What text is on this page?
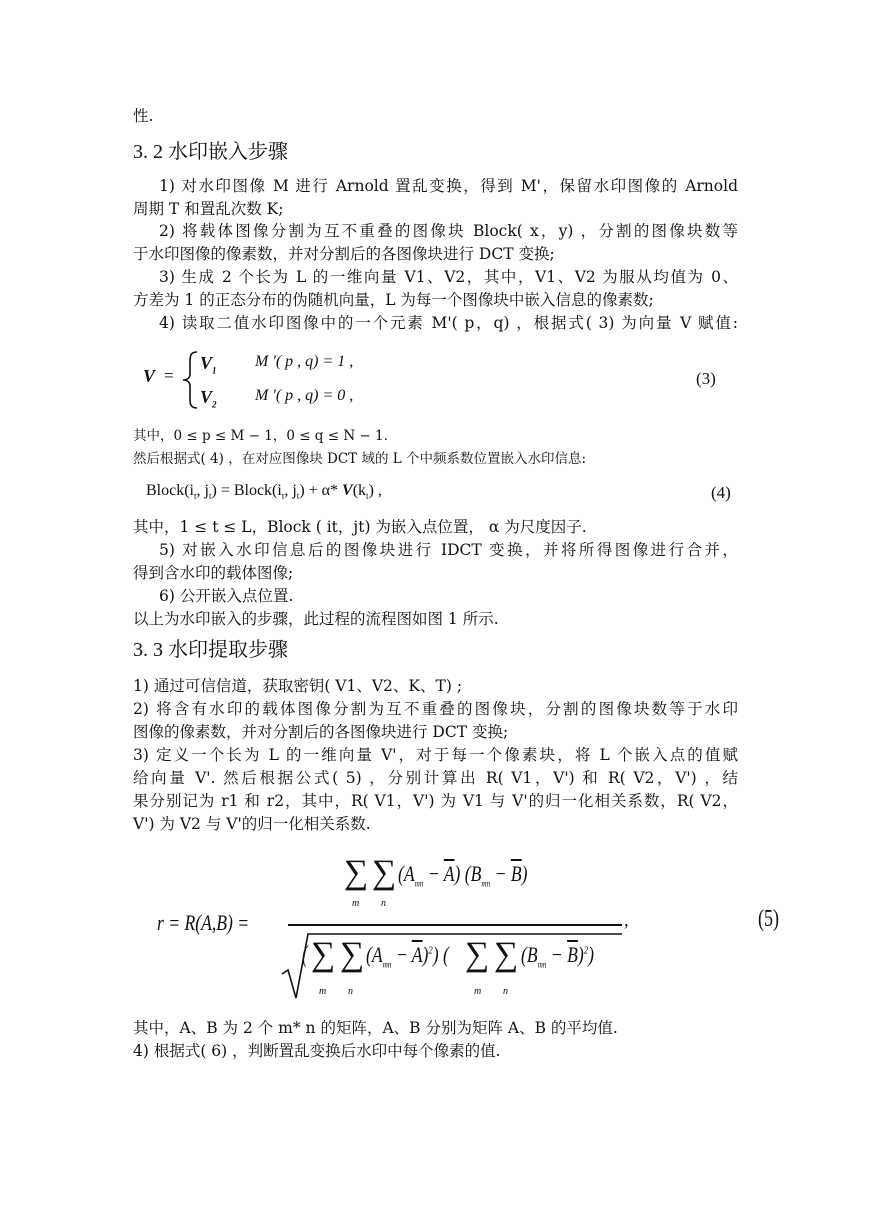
性.
3. 2 水印嵌入步骤
1) 对水印图像 M 进行 Arnold 置乱变换，得到 M'，保留水印图像的 Arnold
周期 T 和置乱次数 K;
2) 将载体图像分割为互不重叠的图像块 Block( x，y) ，分割的图像块数等
于水印图像的像素数，并对分割后的各图像块进行 DCT 变换;
3) 生成 2 个长为 L 的一维向量 V1、V2，其中，V1、V2 为服从均值为 0、
方差为 1 的正态分布的伪随机向量，L 为每一个图像块中嵌入信息的像素数;
4) 读取二值水印图像中的一个元素 M'( p，q) ，根据式( 3) 为向量 V 赋值:
V =
$V_1$
M ′( p , q) = 1 ,
$V_2$
M ′( p , q) = 0 ,
(3)
其中，0 ≤ p ≤ M − 1，0 ≤ q ≤ N − 1.
然后根据式( 4) ，在对应图像块 DCT 域的 L 个中频系数位置嵌入水印信息:
$Block(i_t$, $j_t$) = $Block(i_t$, $j_t) + \alpha*$ $V(k_t)$ ,	(4)
其中，1 ≤ t ≤ L，Block ( it，jt) 为嵌入点位置， α 为尺度因子.
5) 对嵌入水印信息后的图像块进行 IDCT 变换，并将所得图像进行合并，
得到含水印的载体图像;
6) 公开嵌入点位置.
以上为水印嵌入的步骤，此过程的流程图如图 1 所示.
3. 3 水印提取步骤
1) 通过可信信道，获取密钥( V1、V2、K、T) ;
2) 将含有水印的载体图像分割为互不重叠的图像块，分割的图像块数等于水印
图像的像素数，并对分割后的各图像块进行 DCT 变换;
3) 定义一个长为 L 的一维向量 V'，对于每一个像素块，将 L 个嵌入点的值赋
给向量 V'. 然后根据公式( 5) ，分别计算出 R( V1，V') 和 R( V2，V') ，结
果分别记为 r1 和 r2，其中，R( V1，V') 为 V1 与 V'的归一化相关系数，R( V2，
V') 为 V2 与 V'的归一化相关系数.
r = R(A,B) =
∑
m
∑
n
$(A_{mn} - \overline{A}) (B_{mn} - \overline{B})$
,
( ∑
m
∑
n
$(A_{mn} - \overline{A})^2$) ( ∑
m
∑
n
$(B_{mn} - \overline{B})^2$)
(5)
其中，A、B 为 2 个 m* n 的矩阵，A、B 分别为矩阵 A、B 的平均值.
4) 根据式( 6) ，判断置乱变换后水印中每个像素的值.
